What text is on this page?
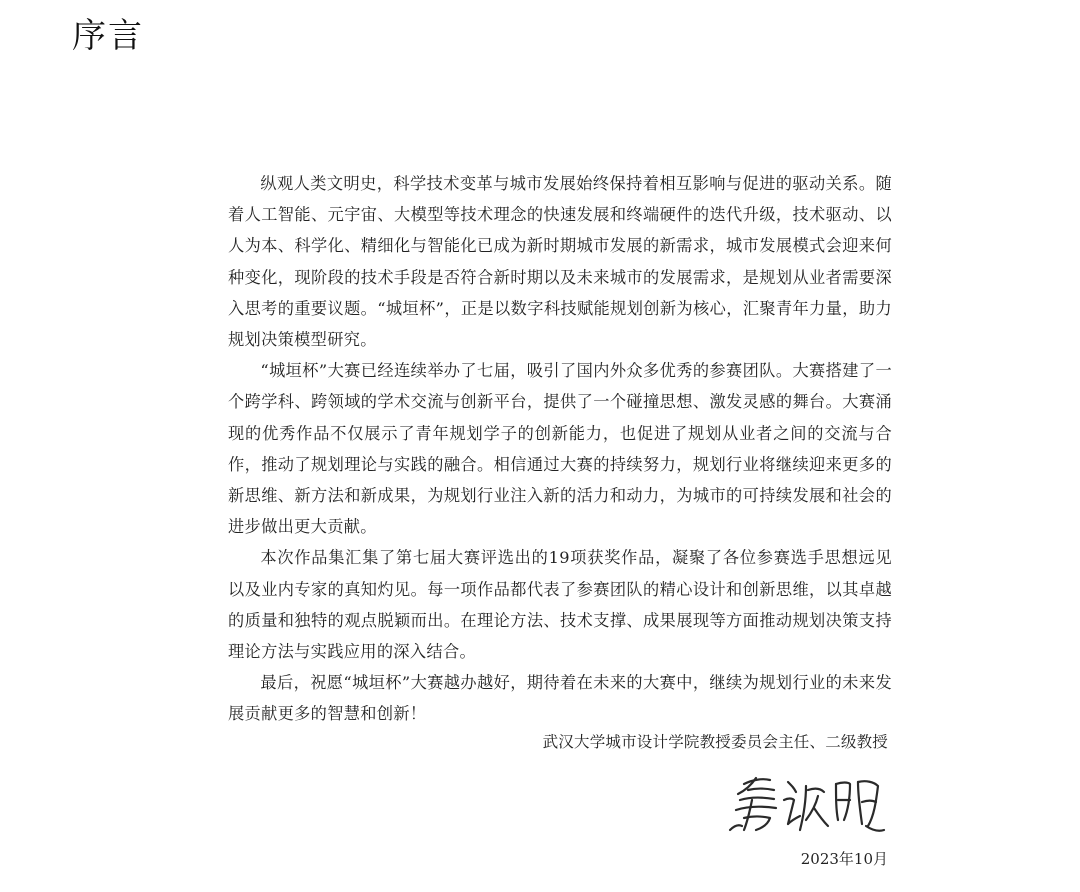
序言

纵观人类文明史，科学技术变革与城市发展始终保持着相互影响与促进的驱动关系。随着人工智能、元宇宙、大模型等技术理念的快速发展和终端硬件的迭代升级，技术驱动、以人为本、科学化、精细化与智能化已成为新时期城市发展的新需求，城市发展模式会迎来何种变化，现阶段的技术手段是否符合新时期以及未来城市的发展需求，是规划从业者需要深入思考的重要议题。“城垣杯”，正是以数字科技赋能规划创新为核心，汇聚青年力量，助力规划决策模型研究。

“城垣杯”大赛已经连续举办了七届，吸引了国内外众多优秀的参赛团队。大赛搭建了一个跨学科、跨领域的学术交流与创新平台，提供了一个碰撞思想、激发灵感的舞台。大赛涌现的优秀作品不仅展示了青年规划学子的创新能力，也促进了规划从业者之间的交流与合作，推动了规划理论与实践的融合。相信通过大赛的持续努力，规划行业将继续迎来更多的新思维、新方法和新成果，为规划行业注入新的活力和动力，为城市的可持续发展和社会的进步做出更大贡献。

本次作品集汇集了第七届大赛评选出的19项获奖作品，凝聚了各位参赛选手思想远见以及业内专家的真知灼见。每一项作品都代表了参赛团队的精心设计和创新思维，以其卓越的质量和独特的观点脱颖而出。在理论方法、技术支撑、成果展现等方面推动规划决策支持理论方法与实践应用的深入结合。

最后，祝愿“城垣杯”大赛越办越好，期待着在未来的大赛中，继续为规划行业的未来发展贡献更多的智慧和创新！

武汉大学城市设计学院教授委员会主任、二级教授
2023年10月
